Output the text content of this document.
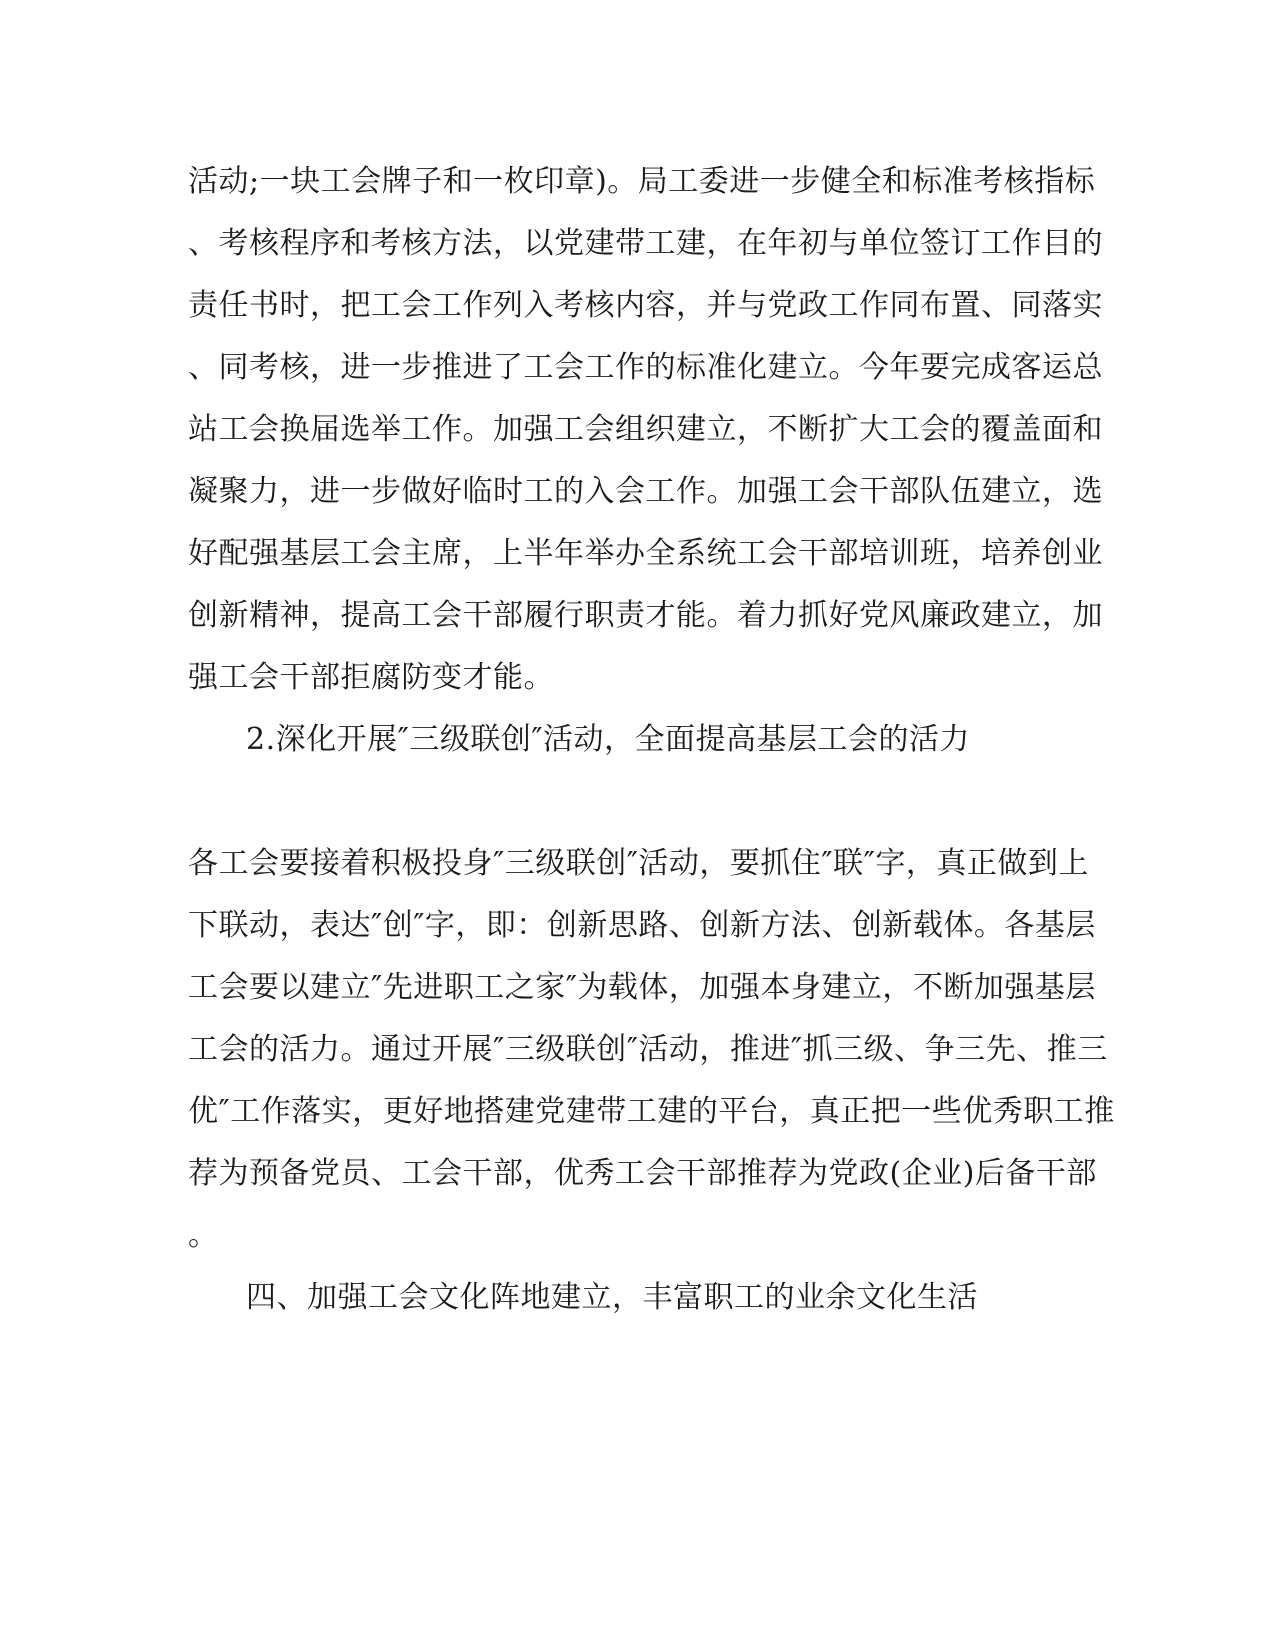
活动;一块工会牌子和一枚印章)。局工委进一步健全和标准考核指标
、考核程序和考核方法，以党建带工建，在年初与单位签订工作目的
责任书时，把工会工作列入考核内容，并与党政工作同布置、同落实
、同考核，进一步推进了工会工作的标准化建立。今年要完成客运总
站工会换届选举工作。加强工会组织建立，不断扩大工会的覆盖面和
凝聚力，进一步做好临时工的入会工作。加强工会干部队伍建立，选
好配强基层工会主席，上半年举办全系统工会干部培训班，培养创业
创新精神，提高工会干部履行职责才能。着力抓好党风廉政建立，加
强工会干部拒腐防变才能。
2.深化开展″三级联创″活动，全面提高基层工会的活力
各工会要接着积极投身″三级联创″活动，要抓住″联″字，真正做到上
下联动，表达″创″字，即：创新思路、创新方法、创新载体。各基层
工会要以建立″先进职工之家″为载体，加强本身建立，不断加强基层
工会的活力。通过开展″三级联创″活动，推进″抓三级、争三先、推三
优″工作落实，更好地搭建党建带工建的平台，真正把一些优秀职工推
荐为预备党员、工会干部，优秀工会干部推荐为党政(企业)后备干部
。
四、加强工会文化阵地建立，丰富职工的业余文化生活
